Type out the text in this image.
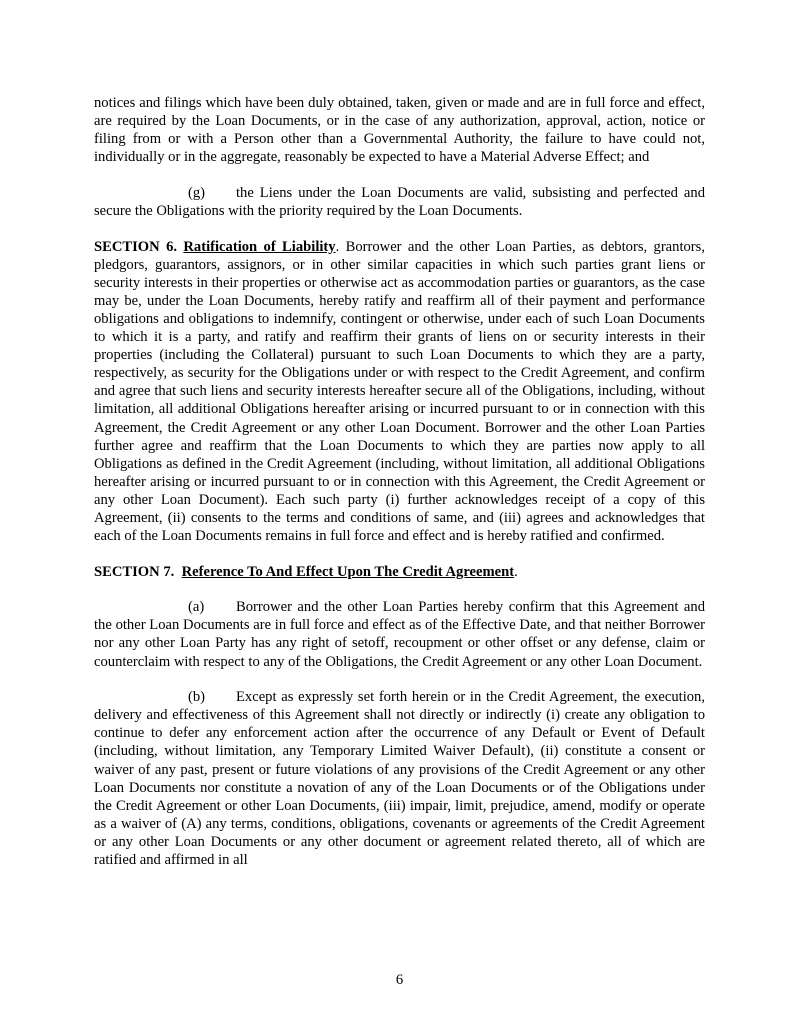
notices and filings which have been duly obtained, taken, given or made and are in full force and effect, are required by the Loan Documents, or in the case of any authorization, approval, action, notice or filing from or with a Person other than a Governmental Authority, the failure to have could not, individually or in the aggregate, reasonably be expected to have a Material Adverse Effect; and

(g) the Liens under the Loan Documents are valid, subsisting and perfected and secure the Obligations with the priority required by the Loan Documents.

SECTION 6. Ratification of Liability. Borrower and the other Loan Parties, as debtors, grantors, pledgors, guarantors, assignors, or in other similar capacities in which such parties grant liens or security interests in their properties or otherwise act as accommodation parties or guarantors, as the case may be, under the Loan Documents, hereby ratify and reaffirm all of their payment and performance obligations and obligations to indemnify, contingent or otherwise, under each of such Loan Documents to which it is a party, and ratify and reaffirm their grants of liens on or security interests in their properties (including the Collateral) pursuant to such Loan Documents to which they are a party, respectively, as security for the Obligations under or with respect to the Credit Agreement, and confirm and agree that such liens and security interests hereafter secure all of the Obligations, including, without limitation, all additional Obligations hereafter arising or incurred pursuant to or in connection with this Agreement, the Credit Agreement or any other Loan Document. Borrower and the other Loan Parties further agree and reaffirm that the Loan Documents to which they are parties now apply to all Obligations as defined in the Credit Agreement (including, without limitation, all additional Obligations hereafter arising or incurred pursuant to or in connection with this Agreement, the Credit Agreement or any other Loan Document). Each such party (i) further acknowledges receipt of a copy of this Agreement, (ii) consents to the terms and conditions of same, and (iii) agrees and acknowledges that each of the Loan Documents remains in full force and effect and is hereby ratified and confirmed.

SECTION 7. Reference To And Effect Upon The Credit Agreement.

(a) Borrower and the other Loan Parties hereby confirm that this Agreement and the other Loan Documents are in full force and effect as of the Effective Date, and that neither Borrower nor any other Loan Party has any right of setoff, recoupment or other offset or any defense, claim or counterclaim with respect to any of the Obligations, the Credit Agreement or any other Loan Document.

(b) Except as expressly set forth herein or in the Credit Agreement, the execution, delivery and effectiveness of this Agreement shall not directly or indirectly (i) create any obligation to continue to defer any enforcement action after the occurrence of any Default or Event of Default (including, without limitation, any Temporary Limited Waiver Default), (ii) constitute a consent or waiver of any past, present or future violations of any provisions of the Credit Agreement or any other Loan Documents nor constitute a novation of any of the Loan Documents or of the Obligations under the Credit Agreement or other Loan Documents, (iii) impair, limit, prejudice, amend, modify or operate as a waiver of (A) any terms, conditions, obligations, covenants or agreements of the Credit Agreement or any other Loan Documents or any other document or agreement related thereto, all of which are ratified and affirmed in all

6
